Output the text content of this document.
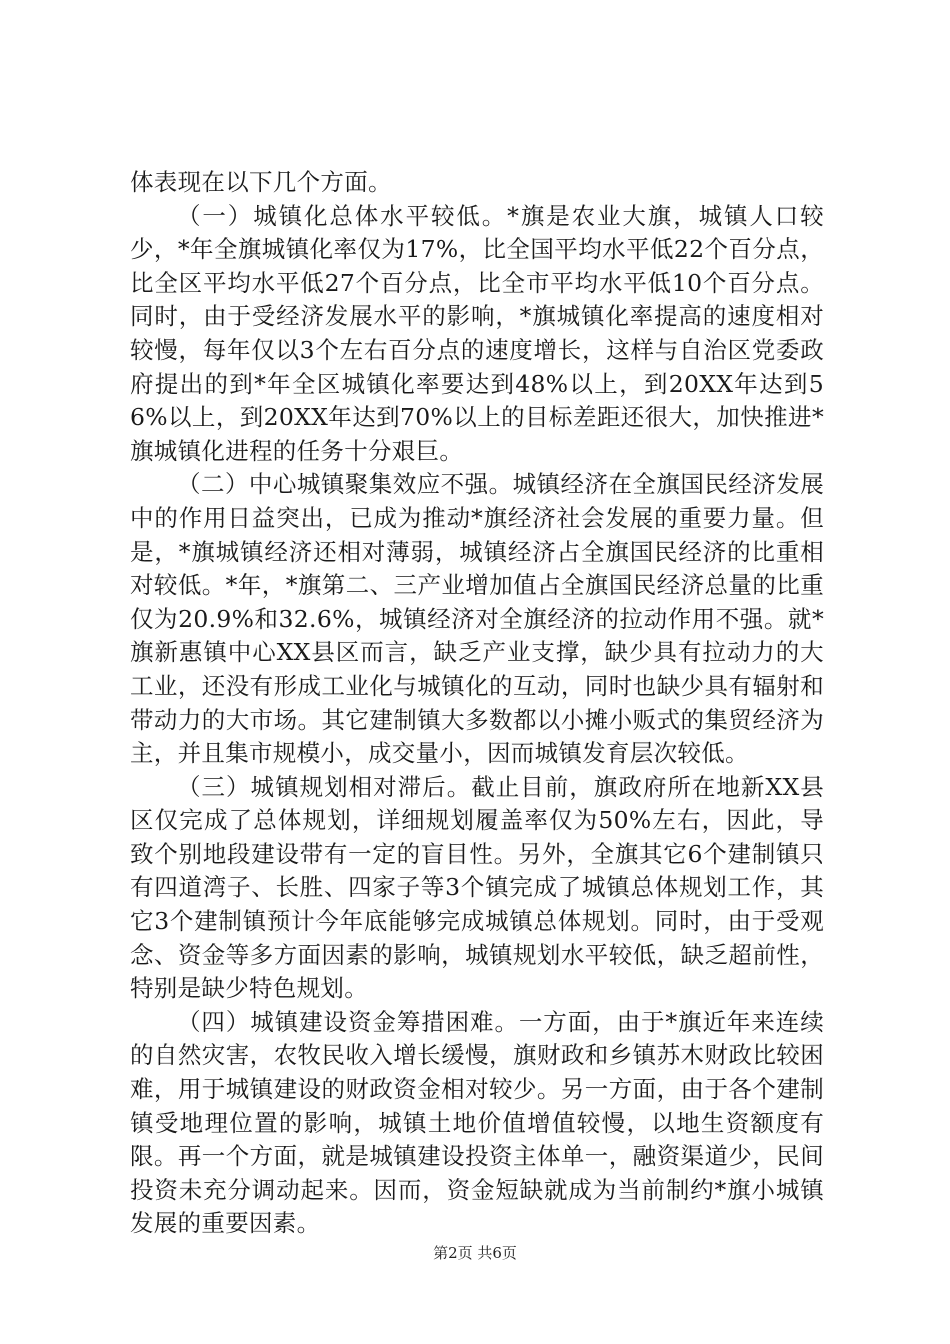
体表现在以下几个方面。

（一）城镇化总体水平较低。*旗是农业大旗，城镇人口较少，*年全旗城镇化率仅为17%，比全国平均水平低22个百分点，比全区平均水平低27个百分点，比全市平均水平低10个百分点。同时，由于受经济发展水平的影响，*旗城镇化率提高的速度相对较慢，每年仅以3个左右百分点的速度增长，这样与自治区党委政府提出的到*年全区城镇化率要达到48%以上，到20XX年达到56%以上，到20XX年达到70%以上的目标差距还很大，加快推进*旗城镇化进程的任务十分艰巨。

（二）中心城镇聚集效应不强。城镇经济在全旗国民经济发展中的作用日益突出，已成为推动*旗经济社会发展的重要力量。但是，*旗城镇经济还相对薄弱，城镇经济占全旗国民经济的比重相对较低。*年，*旗第二、三产业增加值占全旗国民经济总量的比重仅为20.9%和32.6%，城镇经济对全旗经济的拉动作用不强。就*旗新惠镇中心XX县区而言，缺乏产业支撑，缺少具有拉动力的大工业，还没有形成工业化与城镇化的互动，同时也缺少具有辐射和带动力的大市场。其它建制镇大多数都以小摊小贩式的集贸经济为主，并且集市规模小，成交量小，因而城镇发育层次较低。

（三）城镇规划相对滞后。截止目前，旗政府所在地新XX县区仅完成了总体规划，详细规划履盖率仅为50%左右，因此，导致个别地段建设带有一定的盲目性。另外，全旗其它6个建制镇只有四道湾子、长胜、四家子等3个镇完成了城镇总体规划工作，其它3个建制镇预计今年底能够完成城镇总体规划。同时，由于受观念、资金等多方面因素的影响，城镇规划水平较低，缺乏超前性，特别是缺少特色规划。

（四）城镇建设资金筹措困难。一方面，由于*旗近年来连续的自然灾害，农牧民收入增长缓慢，旗财政和乡镇苏木财政比较困难，用于城镇建设的财政资金相对较少。另一方面，由于各个建制镇受地理位置的影响，城镇土地价值增值较慢，以地生资额度有限。再一个方面，就是城镇建设投资主体单一，融资渠道少，民间投资未充分调动起来。因而，资金短缺就成为当前制约*旗小城镇发展的重要因素。

第2页 共6页
